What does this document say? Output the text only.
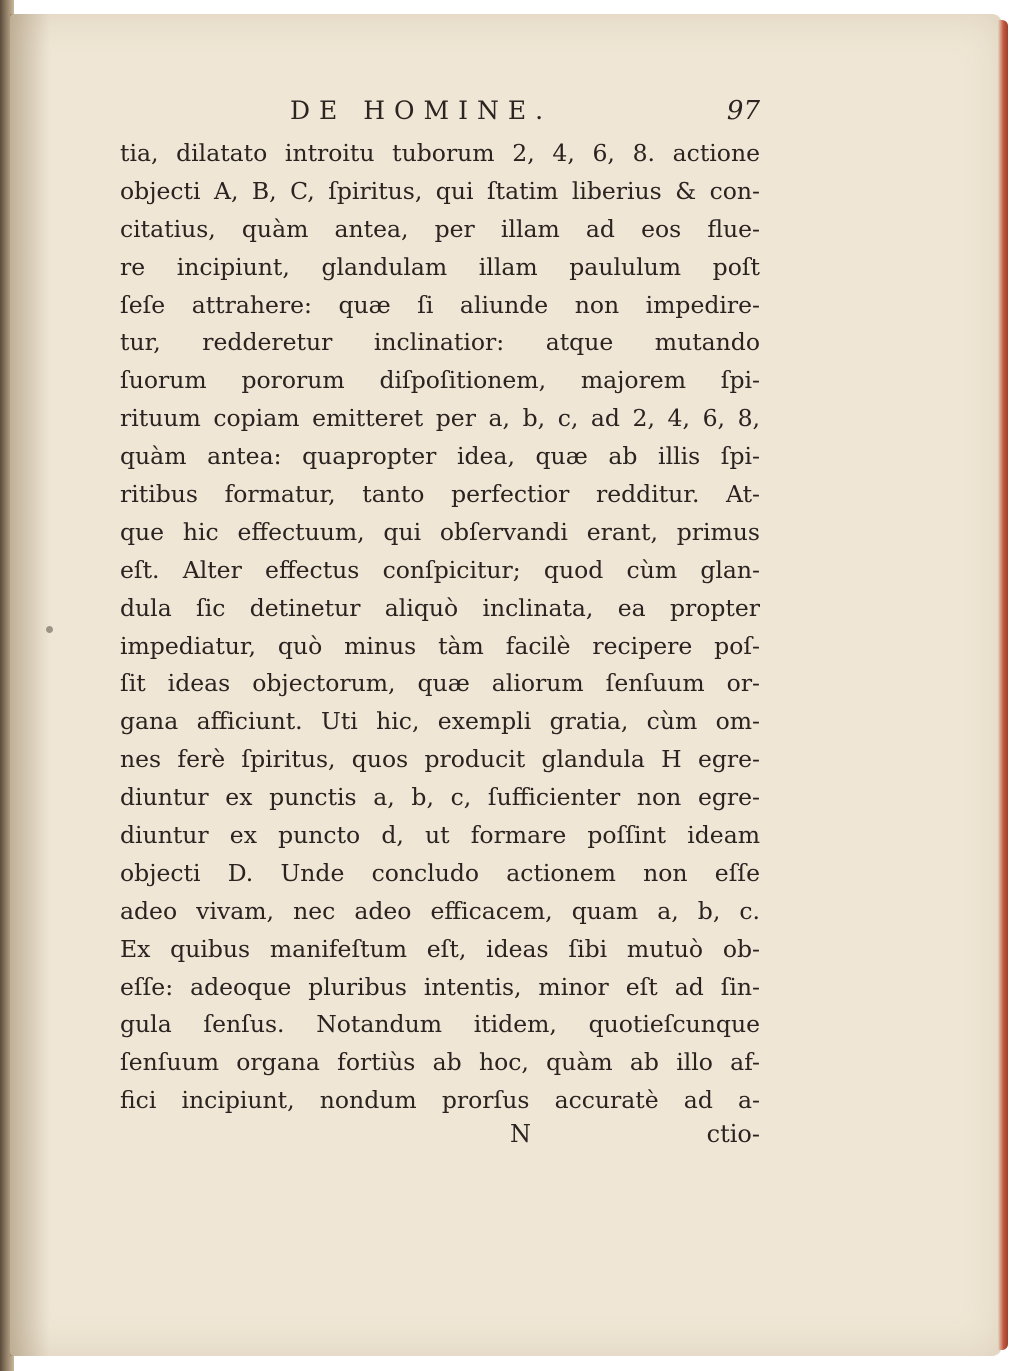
DE HOMINE.	97
tia, dilatato introitu tuborum 2, 4, 6, 8. actione
objecti A, B, C, ſpiritus, qui ſtatim liberius & con-
citatius, quàm antea, per illam ad eos flue-
re incipiunt, glandulam illam paululum poſt
ſeſe attrahere: quæ ſi aliunde non impedire-
tur, redderetur inclinatior: atque mutando
ſuorum pororum diſpoſitionem, majorem ſpi-
rituum copiam emitteret per a, b, c, ad 2, 4, 6, 8,
quàm antea: quapropter idea, quæ ab illis ſpi-
ritibus formatur, tanto perfectior redditur. At-
que hic effectuum, qui obſervandi erant, primus
eſt. Alter effectus conſpicitur; quod cùm glan-
dula ſic detinetur aliquò inclinata, ea propter
impediatur, quò minus tàm facilè recipere poſ-
ſit ideas objectorum, quæ aliorum ſenſuum or-
gana afficiunt. Uti hic, exempli gratia, cùm om-
nes ferè ſpiritus, quos producit glandula H egre-
diuntur ex punctis a, b, c, ſufficienter non egre-
diuntur ex puncto d, ut formare poſſint ideam
objecti D. Unde concludo actionem non eſſe
adeo vivam, nec adeo efficacem, quam a, b, c.
Ex quibus manifeſtum eſt, ideas ſibi mutuò ob-
eſſe: adeoque pluribus intentis, minor eſt ad ſin-
gula ſenſus. Notandum itidem, quotieſcunque
ſenſuum organa fortiùs ab hoc, quàm ab illo af-
fici incipiunt, nondum prorſus accuratè ad a-
N	ctio-
